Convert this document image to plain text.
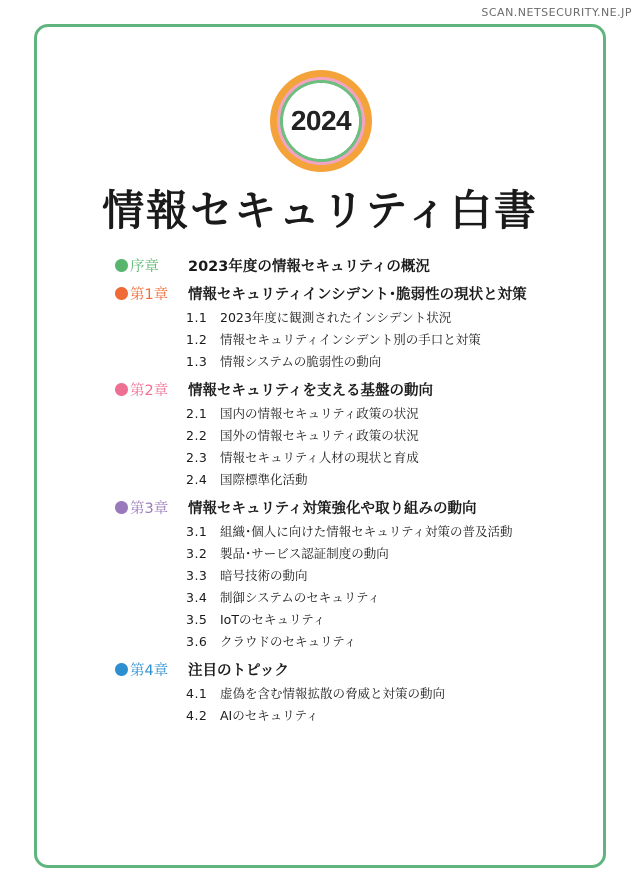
SCAN.NETSECURITY.NE.JP
2024
情報セキュリティ白書
序章	2023年度の情報セキュリティの概況
第1章	情報セキュリティインシデント･脆弱性の現状と対策
1.1	2023年度に観測されたインシデント状況
1.2	情報セキュリティインシデント別の手口と対策
1.3	情報システムの脆弱性の動向
第2章	情報セキュリティを支える基盤の動向
2.1	国内の情報セキュリティ政策の状況
2.2	国外の情報セキュリティ政策の状況
2.3	情報セキュリティ人材の現状と育成
2.4	国際標準化活動
第3章	情報セキュリティ対策強化や取り組みの動向
3.1	組織･個人に向けた情報セキュリティ対策の普及活動
3.2	製品･サービス認証制度の動向
3.3	暗号技術の動向
3.4	制御システムのセキュリティ
3.5	IoTのセキュリティ
3.6	クラウドのセキュリティ
第4章	注目のトピック
4.1	虚偽を含む情報拡散の脅威と対策の動向
4.2	AIのセキュリティ
